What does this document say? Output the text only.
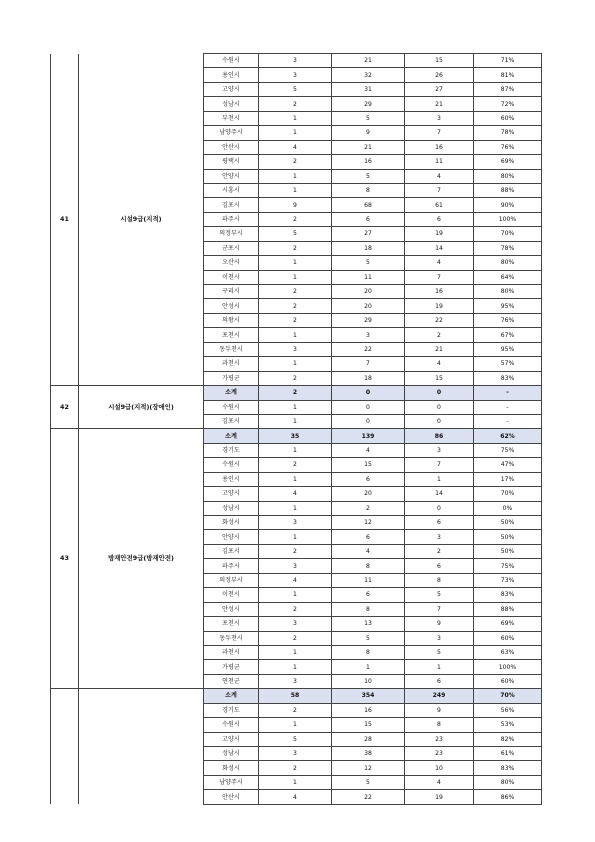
41	시설9급(지적)	수원시	3	21	15	71%
		용인시	3	32	26	81%
		고양시	5	31	27	87%
		성남시	2	29	21	72%
		부천시	1	5	3	60%
		남양주시	1	9	7	78%
		안산시	4	21	16	76%
		평택시	2	16	11	69%
		안양시	1	5	4	80%
		시흥시	1	8	7	88%
		김포시	9	68	61	90%
		파주시	2	6	6	100%
		의정부시	5	27	19	70%
		군포시	2	18	14	78%
		오산시	1	5	4	80%
		이천시	1	11	7	64%
		구리시	2	20	16	80%
		안성시	2	20	19	95%
		의왕시	2	29	22	76%
		포천시	1	3	2	67%
		동두천시	3	22	21	95%
		과천시	1	7	4	57%
		가평군	2	18	15	83%
42	시설9급(지적)(장애인)	소계	2	0	0	-
		수원시	1	0	0	-
		김포시	1	0	0	-
43	방재안전9급(방재안전)	소계	35	139	86	62%
		경기도	1	4	3	75%
		수원시	2	15	7	47%
		용인시	1	6	1	17%
		고양시	4	20	14	70%
		성남시	1	2	0	0%
		화성시	3	12	6	50%
		안양시	1	6	3	50%
		김포시	2	4	2	50%
		파주시	3	8	6	75%
		의정부시	4	11	8	73%
		이천시	1	6	5	83%
		안성시	2	8	7	88%
		포천시	3	13	9	69%
		동두천시	2	5	3	60%
		과천시	1	8	5	63%
		가평군	1	1	1	100%
		연천군	3	10	6	60%
		소계	58	354	249	70%
		경기도	2	16	9	56%
		수원시	1	15	8	53%
		고양시	5	28	23	82%
		성남시	3	38	23	61%
		화성시	2	12	10	83%
		남양주시	1	5	4	80%
		안산시	4	22	19	86%
